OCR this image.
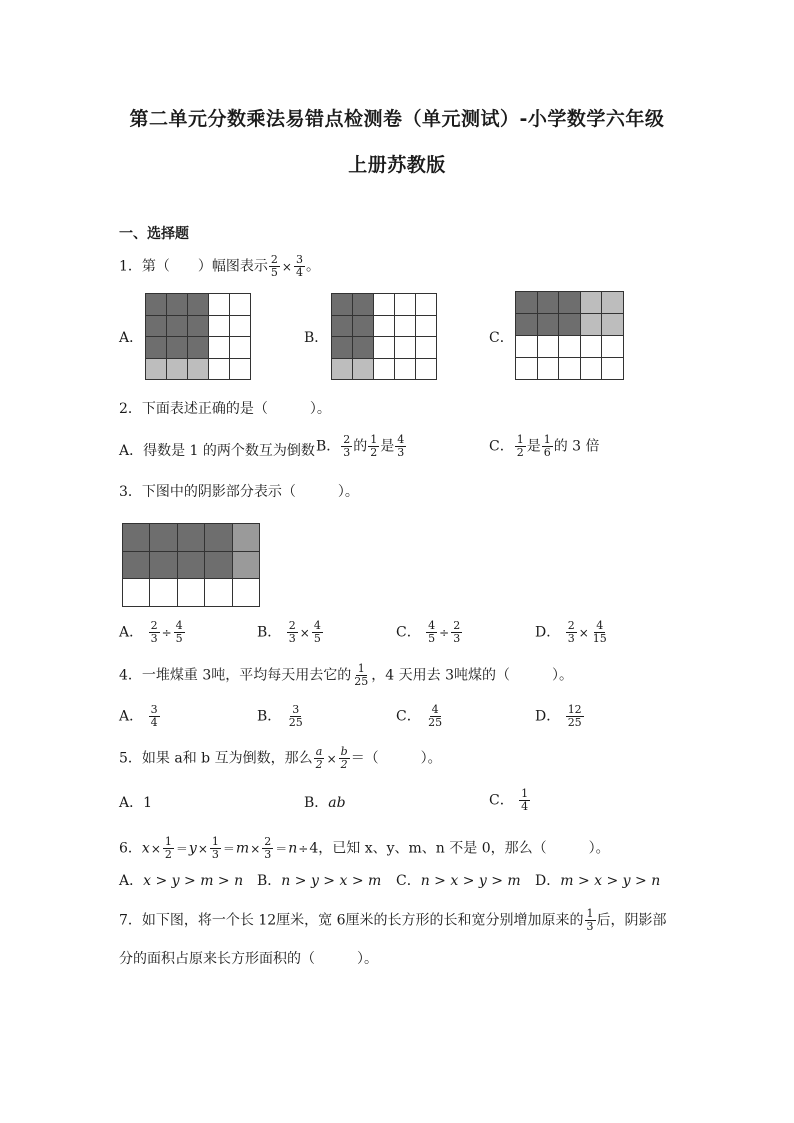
第二单元分数乘法易错点检测卷（单元测试）-小学数学六年级
上册苏教版
一、选择题
1．第（　　 ）幅图表示 $\frac{2}{5} \times \frac{3}{4}$ 。
A．	B．	C．
2．下面表述正确的是（　　　）。
A．得数是 1 的两个数互为倒数 B． $\frac{2}{3}$ 的 $\frac{1}{2}$ 是 $\frac{4}{3}$	C． $\frac{1}{2}$ 是 $\frac{1}{6}$ 的 3 倍
3．下图中的阴影部分表示（　　　）。
A． $\frac{2}{3} \div \frac{4}{5}$	B． $\frac{2}{3} \times \frac{4}{5}$	C． $\frac{4}{5} \div \frac{2}{3}$	D． $\frac{2}{3} \times \frac{4}{15}$
4．一堆煤重 3吨，平均每天用去它的 $\frac{1}{25}$ ，4 天用去 3吨煤的（　　　）。
A． $\frac{3}{4}$	B． $\frac{3}{25}$	C． $\frac{4}{25}$	D． $\frac{12}{25}$
5．如果 a和 b 互为倒数，那么 $\frac{a}{2} \times \frac{b}{2}$ ＝（　　　）。
A．1	B．ab	C． $\frac{1}{4}$
6．$x\times \frac{1}{2} =y\times \frac{1}{3} =m\times \frac{2}{3} =n\div 4$，已知 x、y、m、n 不是 0，那么（　　　）。
A．x > y > m > n B．n > y > x > m C．n > x > y > m D．m > x > y > n
7．如下图，将一个长 12厘米，宽 6厘米的长方形的长和宽分别增加原来的 $\frac{1}{3}$ 后，阴影部
分的面积占原来长方形面积的（　　　）。
